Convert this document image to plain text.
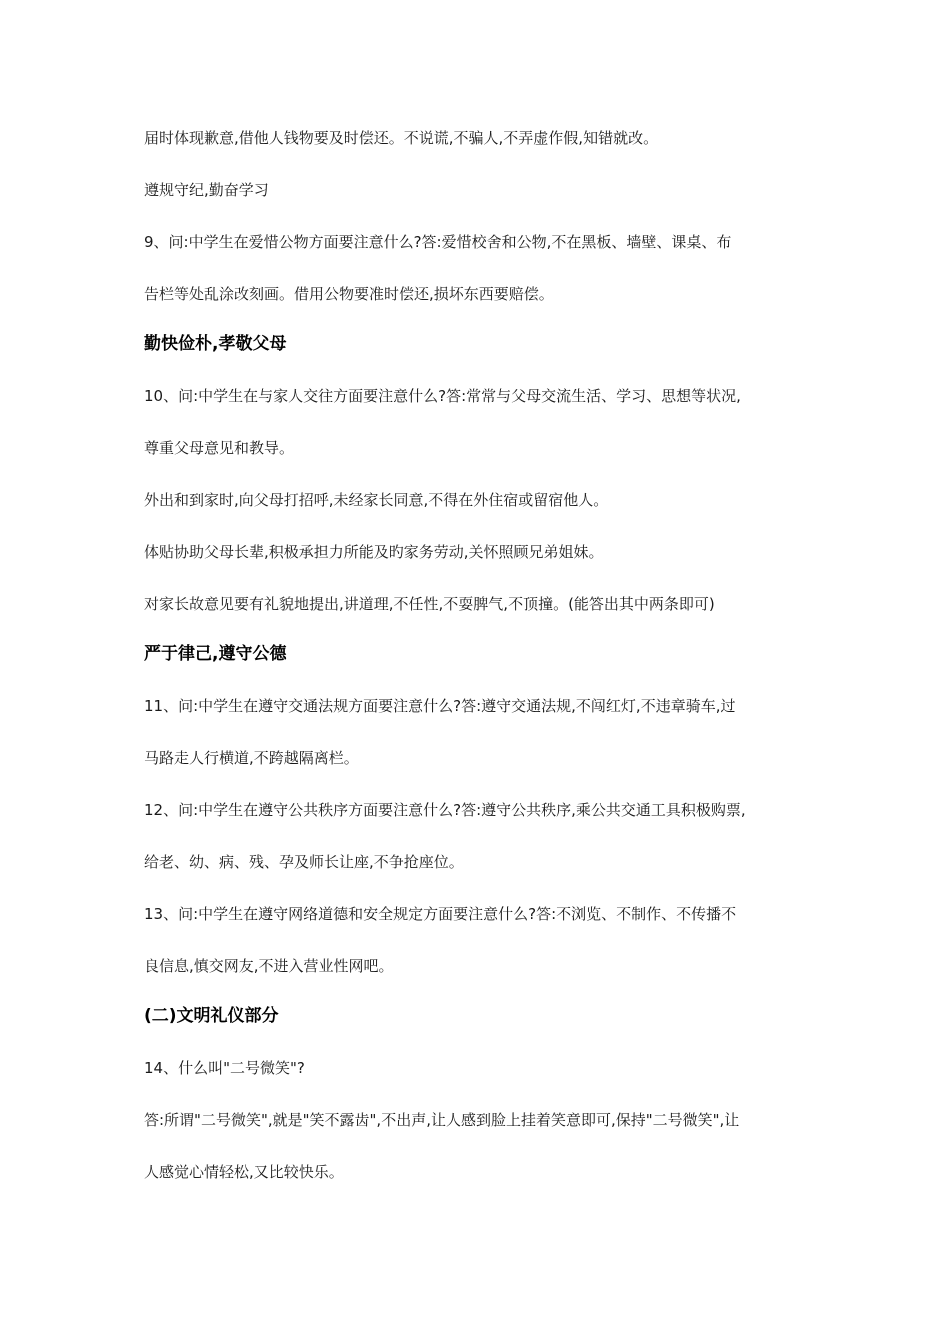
届时体现歉意,借他人钱物要及时偿还。不说谎,不骗人,不弄虚作假,知错就改。
遵规守纪,勤奋学习
9、问:中学生在爱惜公物方面要注意什么?答:爱惜校舍和公物,不在黑板、墙壁、课桌、布
告栏等处乱涂改刻画。借用公物要准时偿还,损坏东西要赔偿。
勤快俭朴,孝敬父母
10、问:中学生在与家人交往方面要注意什么?答:常常与父母交流生活、学习、思想等状况,
尊重父母意见和教导。
外出和到家时,向父母打招呼,未经家长同意,不得在外住宿或留宿他人。
体贴协助父母长辈,积极承担力所能及旳家务劳动,关怀照顾兄弟姐妹。
对家长故意见要有礼貌地提出,讲道理,不任性,不耍脾气,不顶撞。(能答出其中两条即可)
严于律己,遵守公德
11、问:中学生在遵守交通法规方面要注意什么?答:遵守交通法规,不闯红灯,不违章骑车,过
马路走人行横道,不跨越隔离栏。
12、问:中学生在遵守公共秩序方面要注意什么?答:遵守公共秩序,乘公共交通工具积极购票,
给老、幼、病、残、孕及师长让座,不争抢座位。
13、问:中学生在遵守网络道德和安全规定方面要注意什么?答:不浏览、不制作、不传播不
良信息,慎交网友,不进入营业性网吧。
(二)文明礼仪部分
14、什么叫"二号微笑"?
答:所谓"二号微笑",就是"笑不露齿",不出声,让人感到脸上挂着笑意即可,保持"二号微笑",让
人感觉心情轻松,又比较快乐。
